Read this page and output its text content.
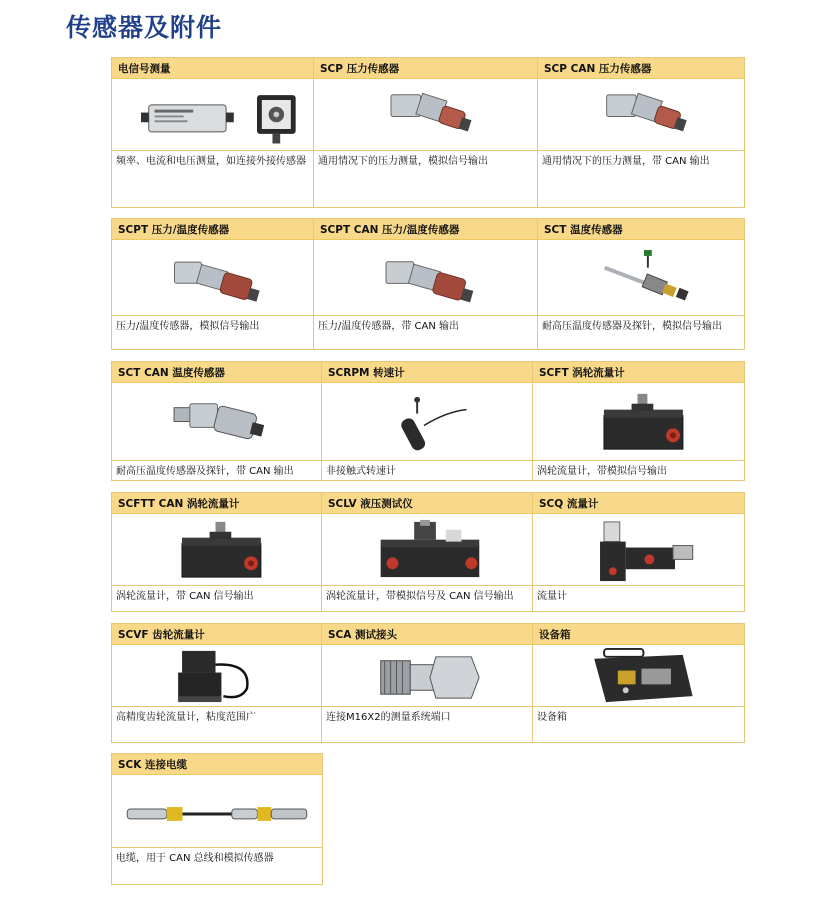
传感器及附件
电信号测量
频率、电流和电压测量，如连接外接传感器
SCP 压力传感器
通用情况下的压力测量，模拟信号输出
SCP CAN 压力传感器
通用情况下的压力测量，带 CAN 输出
SCPT 压力/温度传感器
压力/温度传感器，模拟信号输出
SCPT CAN 压力/温度传感器
压力/温度传感器，带 CAN 输出
SCT 温度传感器
耐高压温度传感器及探针，模拟信号输出
SCT CAN 温度传感器
耐高压温度传感器及探针，带 CAN 输出
SCRPM 转速计
非接触式转速计
SCFT 涡轮流量计
涡轮流量计，带模拟信号输出
SCFTT CAN 涡轮流量计
涡轮流量计，带 CAN 信号输出
SCLV 液压测试仪
涡轮流量计，带模拟信号及 CAN 信号输出
SCQ 流量计
流量计
SCVF 齿轮流量计
高精度齿轮流量计，粘度范围广
SCA 测试接头
连接M16X2的测量系统端口
设备箱
设备箱
SCK 连接电缆
电缆，用于 CAN 总线和模拟传感器
